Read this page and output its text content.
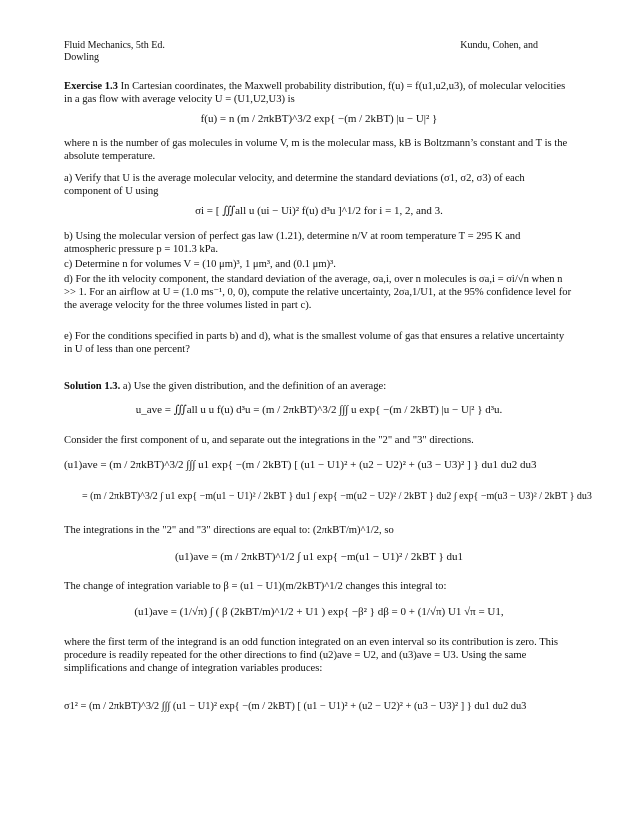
Fluid Mechanics, 5th Ed.
Dowling
Kundu, Cohen, and
Exercise 1.3 In Cartesian coordinates, the Maxwell probability distribution, f(u) = f(u1,u2,u3), of molecular velocities in a gas flow with average velocity U = (U1,U2,U3) is
f(u) = n (m / 2πkBT)^3/2 exp{ −(m / 2kBT) |u − U|² }
where n is the number of gas molecules in volume V, m is the molecular mass, kB is Boltzmann’s constant and T is the absolute temperature.
a) Verify that U is the average molecular velocity, and determine the standard deviations (σ1, σ2, σ3) of each component of U using
σi = [ ∭all u (ui − Ui)² f(u) d³u ]^1/2 for i = 1, 2, and 3.
b) Using the molecular version of perfect gas law (1.21), determine n/V at room temperature T = 295 K and atmospheric pressure p = 101.3 kPa.
c) Determine n for volumes V = (10 μm)³, 1 μm³, and (0.1 μm)³.
d) For the ith velocity component, the standard deviation of the average, σa,i, over n molecules is σa,i = σi/√n when n >> 1. For an airflow at U = (1.0 ms⁻¹, 0, 0), compute the relative uncertainty, 2σa,1/U1, at the 95% confidence level for the average velocity for the three volumes listed in part c).
e) For the conditions specified in parts b) and d), what is the smallest volume of gas that ensures a relative uncertainty in U of less than one percent?
Solution 1.3. a) Use the given distribution, and the definition of an average:
u_ave = ∭all u u f(u) d³u = (m / 2πkBT)^3/2 ∫∫∫ u exp{ −(m / 2kBT) |u − U|² } d³u.
Consider the first component of u, and separate out the integrations in the "2" and "3" directions.
(u1)ave = (m / 2πkBT)^3/2 ∫∫∫ u1 exp{ −(m / 2kBT) [ (u1 − U1)² + (u2 − U2)² + (u3 − U3)² ] } du1 du2 du3
= (m / 2πkBT)^3/2 ∫ u1 exp{ −m(u1 − U1)² / 2kBT } du1 ∫ exp{ −m(u2 − U2)² / 2kBT } du2 ∫ exp{ −m(u3 − U3)² / 2kBT } du3
The integrations in the "2" and "3" directions are equal to: (2πkBT/m)^1/2, so
(u1)ave = (m / 2πkBT)^1/2 ∫ u1 exp{ −m(u1 − U1)² / 2kBT } du1
The change of integration variable to β = (u1 − U1)(m/2kBT)^1/2 changes this integral to:
(u1)ave = (1/√π) ∫ ( β (2kBT/m)^1/2 + U1 ) exp{ −β² } dβ = 0 + (1/√π) U1 √π = U1,
where the first term of the integrand is an odd function integrated on an even interval so its contribution is zero. This procedure is readily repeated for the other directions to find (u2)ave = U2, and (u3)ave = U3. Using the same simplifications and change of integration variables produces:
σ1² = (m / 2πkBT)^3/2 ∫∫∫ (u1 − U1)² exp{ −(m / 2kBT) [ (u1 − U1)² + (u2 − U2)² + (u3 − U3)² ] } du1 du2 du3
